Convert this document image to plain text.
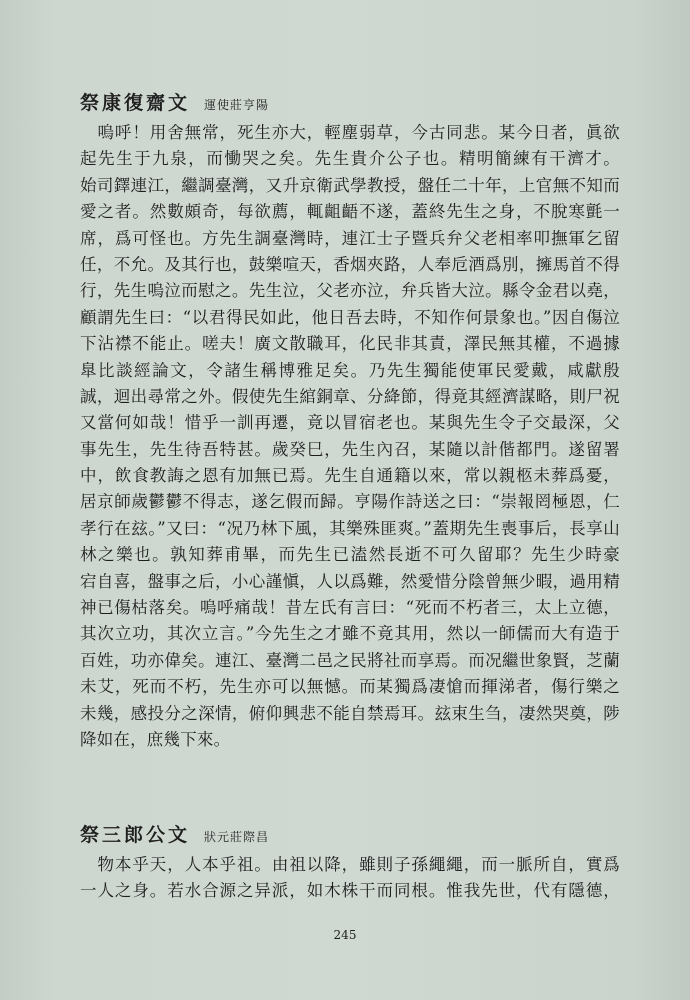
祭康復齋文 運使莊亨陽
　嗚呼！用舍無常，死生亦大，輕塵弱草，今古同悲。某今日者，眞欲
起先生于九泉，而慟哭之矣。先生貴介公子也。精明簡練有干濟才。
始司鐸連江，繼調臺灣，又升京衛武學教授，盤任二十年，上官無不知而
愛之者。然數頗奇，每欲薦，輒齟齬不遂，蓋終先生之身，不脫寒氈一
席，爲可怪也。方先生調臺灣時，連江士子暨兵弁父老相率叩撫軍乞留
任，不允。及其行也，鼓樂喧天，香烟夾路，人奉卮酒爲別，擁馬首不得
行，先生嗚泣而慰之。先生泣，父老亦泣，弁兵皆大泣。縣令金君以堯，
顧謂先生曰：“以君得民如此，他日吾去時，不知作何景象也。”因自傷泣
下沾襟不能止。嗟夫！廣文散職耳，化民非其責，澤民無其權，不過據
臯比談經論文，令諸生稱博雅足矣。乃先生獨能使軍民愛戴，咸獻殷
誠，迴出尋常之外。假使先生綰銅章、分絳節，得竟其經濟謀略，則尸祝
又當何如哉！惜乎一訓再遷，竟以冒宿老也。某與先生令子交最深，父
事先生，先生待吾特甚。歲癸巳，先生內召，某隨以計偕都門。遂留署
中，飲食教誨之恩有加無已焉。先生自通籍以來，常以親柩未葬爲憂，
居京師歲鬱鬱不得志，遂乞假而歸。亨陽作詩送之曰：“崇報罔極恩，仁
孝行在玆。”又曰：“况乃林下風，其樂殊匪爽。”蓋期先生喪事后，長享山
林之樂也。孰知葬甫畢，而先生已溘然長逝不可久留耶？先生少時豪
宕自喜，盤事之后，小心謹愼，人以爲難，然愛惜分陰曾無少暇，過用精
神已傷枯落矣。嗚呼痛哉！昔左氏有言曰：“死而不朽者三，太上立德，
其次立功，其次立言。”今先生之才雖不竟其用，然以一師儒而大有造于
百姓，功亦偉矣。連江、臺灣二邑之民將社而享焉。而况繼世象賢，芝蘭
未艾，死而不朽，先生亦可以無憾。而某獨爲凄愴而揮涕者，傷行樂之
未幾，感投分之深情，俯仰興悲不能自禁焉耳。玆束生刍，凄然哭奠，陟
降如在，庶幾下來。
祭三郎公文 狀元莊際昌
　物本乎天，人本乎祖。由祖以降，雖則子孫繩繩，而一脈所自，實爲
一人之身。若水合源之异派，如木株干而同根。惟我先世，代有隱德，
245
